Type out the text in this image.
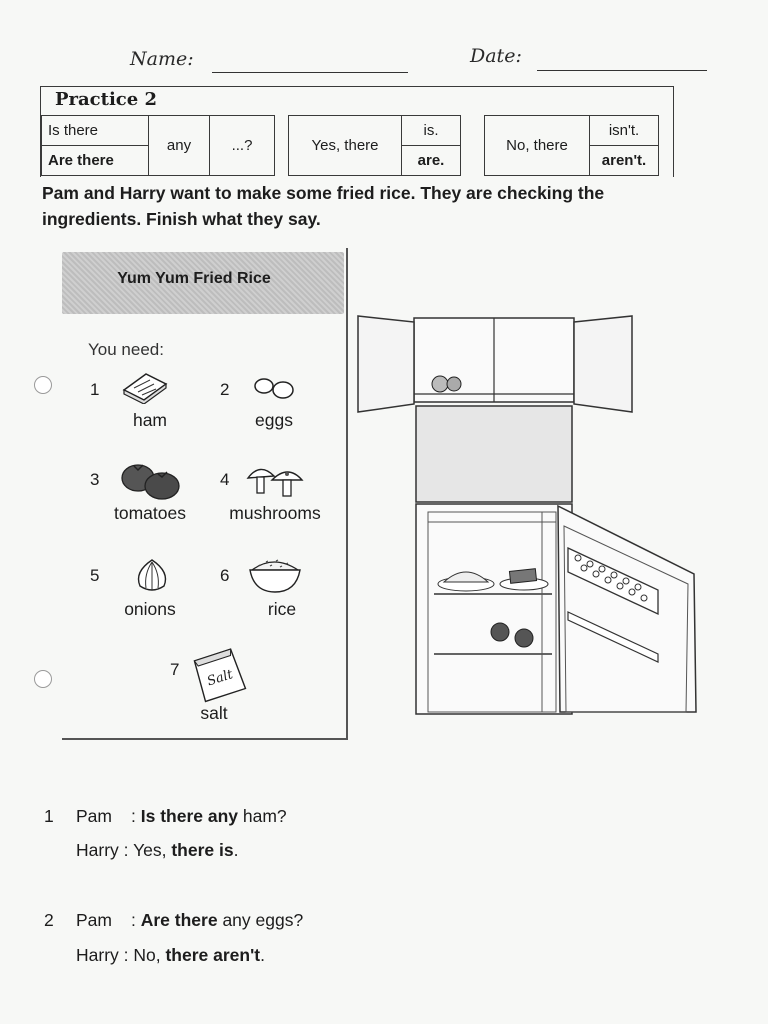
Name:	Date:
Practice 2
Is there	any	...?
Are there
Yes, there	is.
are.
No, there	isn't.
aren't.
Pam and Harry want to make some fried rice. They are checking the ingredients. Finish what they say.
Yum Yum Fried Rice
You need:
1
ham
2
eggs
3
tomatoes
4
mushrooms
5
onions
6
rice
7 Salt
salt
1 Pam : Is there any ham?
Harry : Yes, there is.
2 Pam : Are there any eggs?
Harry : No, there aren't.
